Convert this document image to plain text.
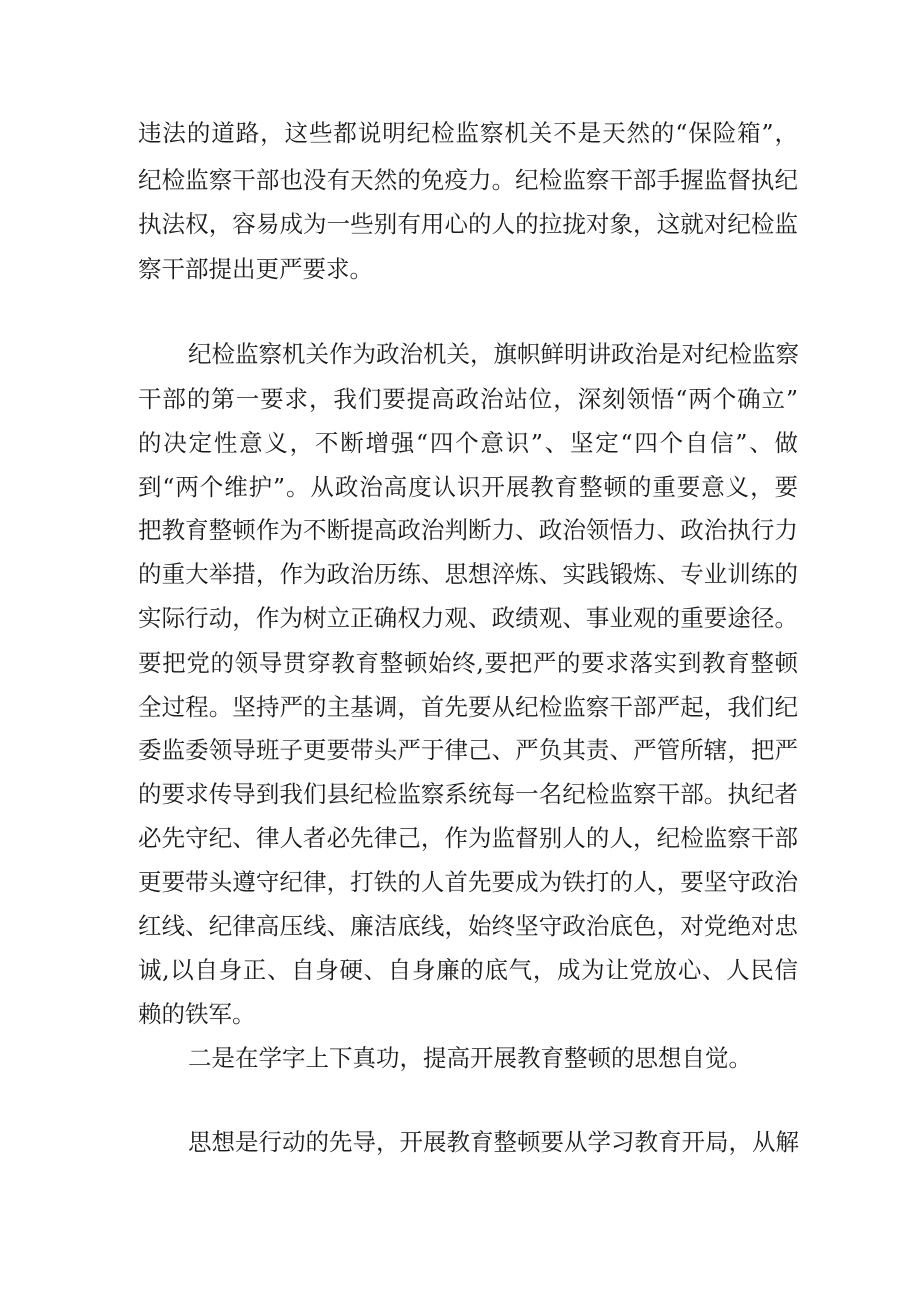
违法的道路，这些都说明纪检监察机关不是天然的“保险箱”，
纪检监察干部也没有天然的免疫力。纪检监察干部手握监督执纪
执法权，容易成为一些别有用心的人的拉拢对象，这就对纪检监
察干部提出更严要求。
纪检监察机关作为政治机关，旗帜鲜明讲政治是对纪检监察
干部的第一要求，我们要提高政治站位，深刻领悟“两个确立”
的决定性意义，不断增强“四个意识”、坚定“四个自信”、做
到“两个维护”。从政治高度认识开展教育整顿的重要意义，要
把教育整顿作为不断提高政治判断力、政治领悟力、政治执行力
的重大举措，作为政治历练、思想淬炼、实践锻炼、专业训练的
实际行动，作为树立正确权力观、政绩观、事业观的重要途径。
要把党的领导贯穿教育整顿始终,要把严的要求落实到教育整顿
全过程。坚持严的主基调，首先要从纪检监察干部严起，我们纪
委监委领导班子更要带头严于律己、严负其责、严管所辖，把严
的要求传导到我们县纪检监察系统每一名纪检监察干部。执纪者
必先守纪、律人者必先律己，作为监督别人的人，纪检监察干部
更要带头遵守纪律，打铁的人首先要成为铁打的人，要坚守政治
红线、纪律高压线、廉洁底线，始终坚守政治底色，对党绝对忠
诚,以自身正、自身硬、自身廉的底气，成为让党放心、人民信
赖的铁军。
二是在学字上下真功，提高开展教育整顿的思想自觉。
思想是行动的先导，开展教育整顿要从学习教育开局，从解
